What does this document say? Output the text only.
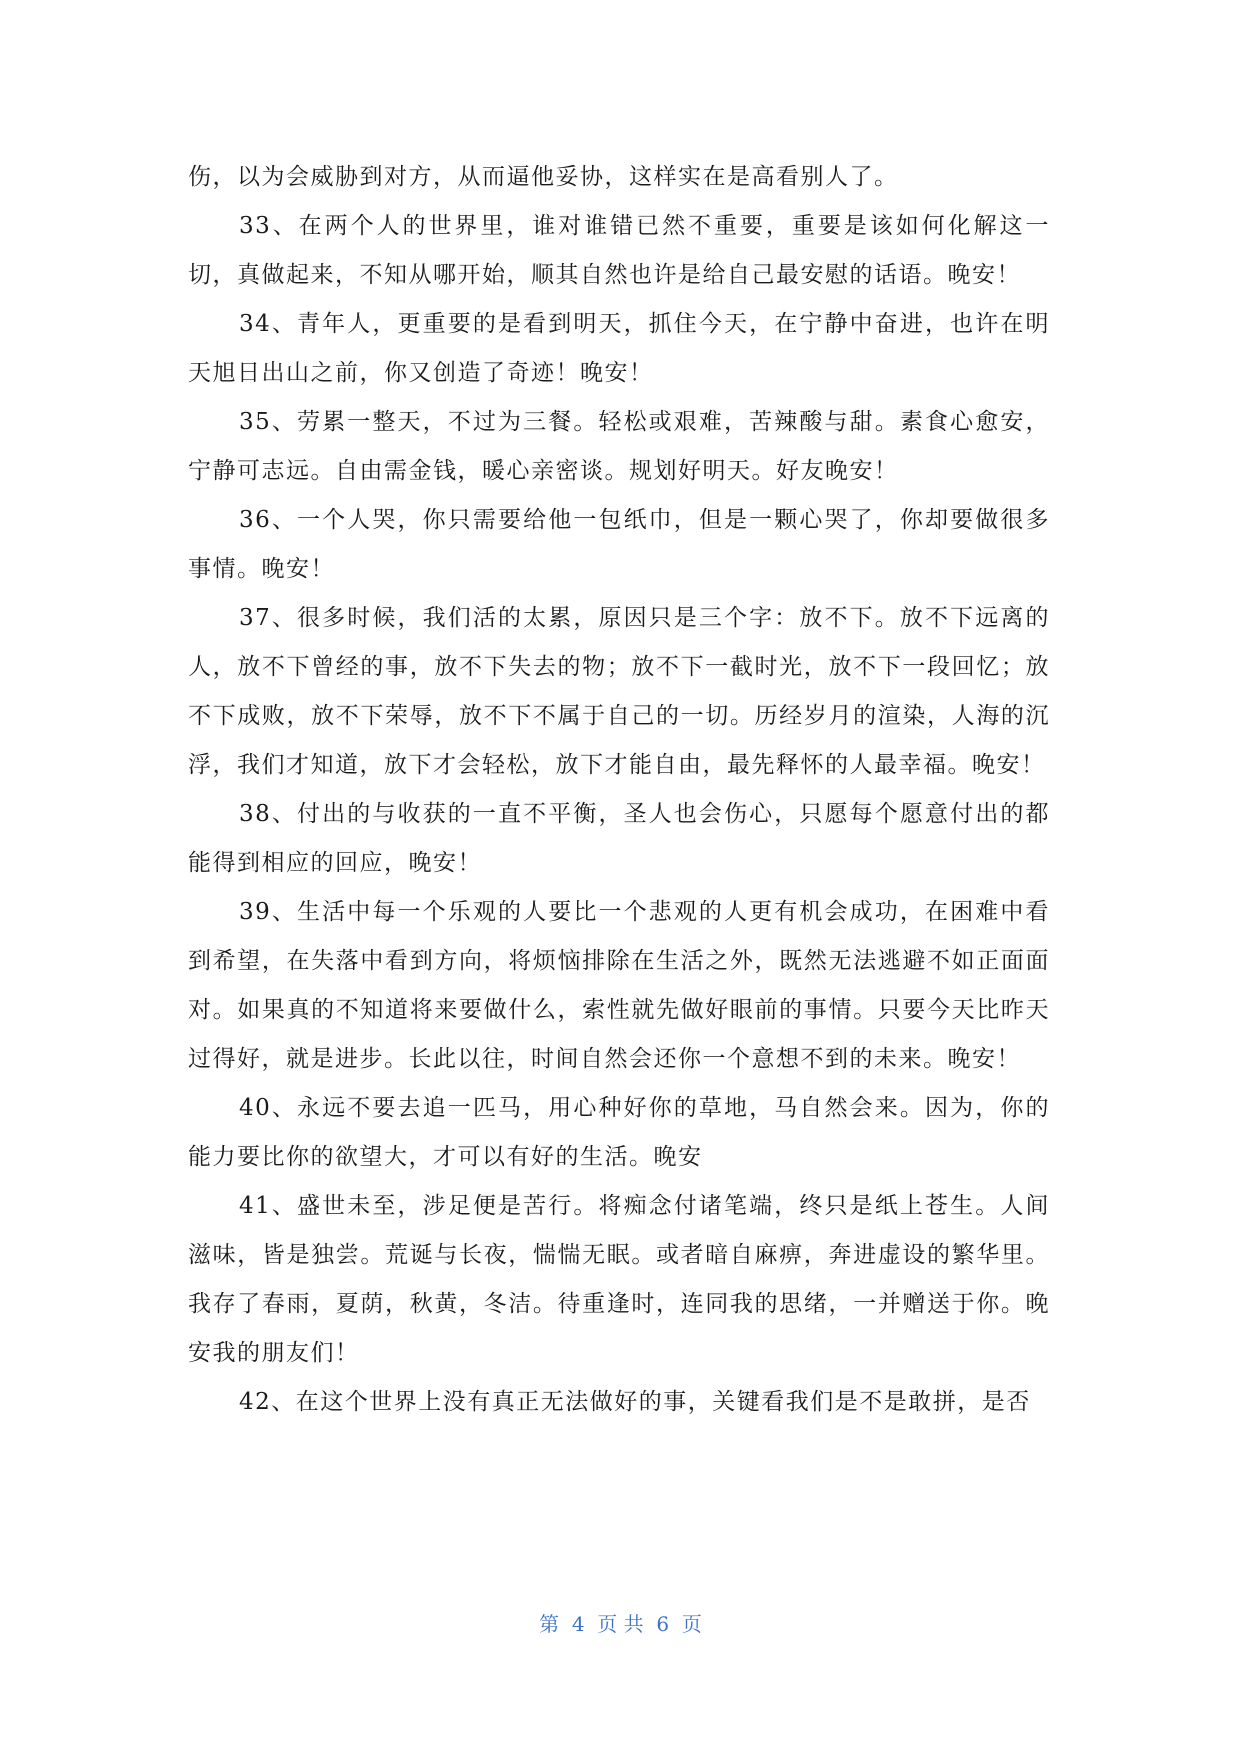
伤，以为会威胁到对方，从而逼他妥协，这样实在是高看别人了。

33、在两个人的世界里，谁对谁错已然不重要，重要是该如何化解这一切，真做起来，不知从哪开始，顺其自然也许是给自己最安慰的话语。晚安！

34、青年人，更重要的是看到明天，抓住今天，在宁静中奋进，也许在明天旭日出山之前，你又创造了奇迹！晚安！

35、劳累一整天，不过为三餐。轻松或艰难，苦辣酸与甜。素食心愈安，宁静可志远。自由需金钱，暖心亲密谈。规划好明天。好友晚安！

36、一个人哭，你只需要给他一包纸巾，但是一颗心哭了，你却要做很多事情。晚安！

37、很多时候，我们活的太累，原因只是三个字：放不下。放不下远离的人，放不下曾经的事，放不下失去的物；放不下一截时光，放不下一段回忆；放不下成败，放不下荣辱，放不下不属于自己的一切。历经岁月的渲染，人海的沉浮，我们才知道，放下才会轻松，放下才能自由，最先释怀的人最幸福。晚安！

38、付出的与收获的一直不平衡，圣人也会伤心，只愿每个愿意付出的都能得到相应的回应，晚安！

39、生活中每一个乐观的人要比一个悲观的人更有机会成功，在困难中看到希望，在失落中看到方向，将烦恼排除在生活之外，既然无法逃避不如正面面对。如果真的不知道将来要做什么，索性就先做好眼前的事情。只要今天比昨天过得好，就是进步。长此以往，时间自然会还你一个意想不到的未来。晚安！

40、永远不要去追一匹马，用心种好你的草地，马自然会来。因为，你的能力要比你的欲望大，才可以有好的生活。晚安

41、盛世未至，涉足便是苦行。将痴念付诸笔端，终只是纸上苍生。人间滋味，皆是独尝。荒诞与长夜，惴惴无眠。或者暗自麻痹，奔进虚设的繁华里。我存了春雨，夏荫，秋黄，冬洁。待重逢时，连同我的思绪，一并赠送于你。晚安我的朋友们！

42、在这个世界上没有真正无法做好的事，关键看我们是不是敢拼，是否

第  4  页 共  6  页
